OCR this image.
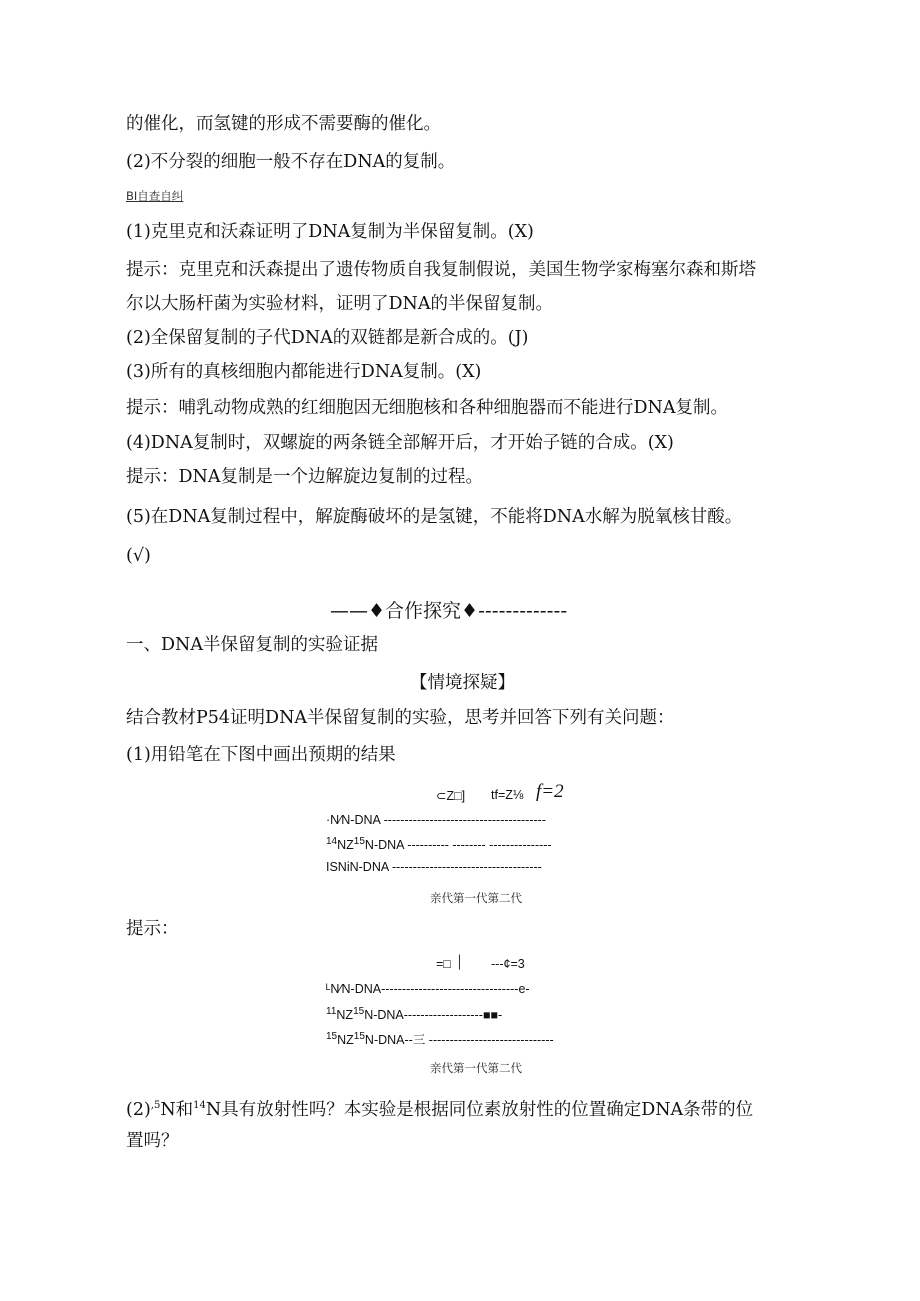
的催化，而氢键的形成不需要酶的催化。
(2)不分裂的细胞一般不存在DNA的复制。
BI自查自纠
(1)克里克和沃森证明了DNA复制为半保留复制。(X)
提示：克里克和沃森提出了遗传物质自我复制假说，美国生物学家梅塞尔森和斯塔
尔以大肠杆菌为实验材料，证明了DNA的半保留复制。
(2)全保留复制的子代DNA的双链都是新合成的。(J)
(3)所有的真核细胞内都能进行DNA复制。(X)
提示：哺乳动物成熟的红细胞因无细胞核和各种细胞器而不能进行DNA复制。
(4)DNA复制时，双螺旋的两条链全部解开后，才开始子链的合成。(X)
提示：DNA复制是一个边解旋边复制的过程。
(5)在DNA复制过程中，解旋酶破坏的是氢键，不能将DNA水解为脱氧核甘酸。
(√)
——♦合作探究♦-------------
一、DNA半保留复制的实验证据
【情境探疑】
结合教材P54证明DNA半保留复制的实验，思考并回答下列有关问题：
(1)用铅笔在下图中画出预期的结果
⊂Z□] tf=Z⅛ f=2
·N⁄N-DNA ---------------------------------------
$^{14}$NZ$^{15}$N-DNA ---------- -------- ---------------
ISNiN-DNA ------------------------------------
亲代第一代第二代
提示：
=□ │ ---¢=3
ᴸN⁄N-DNA---------------------------------e-
$^{11}$NZ$^{15}$N-DNA-------------------■■-
$^{15}$NZ$^{15}$N-DNA--三 ------------------------------
亲代第一代第二代
$(2)^{,5}N$和$^{14}$N具有放射性吗？本实验是根据同位素放射性的位置确定DNA条带的位
置吗？
